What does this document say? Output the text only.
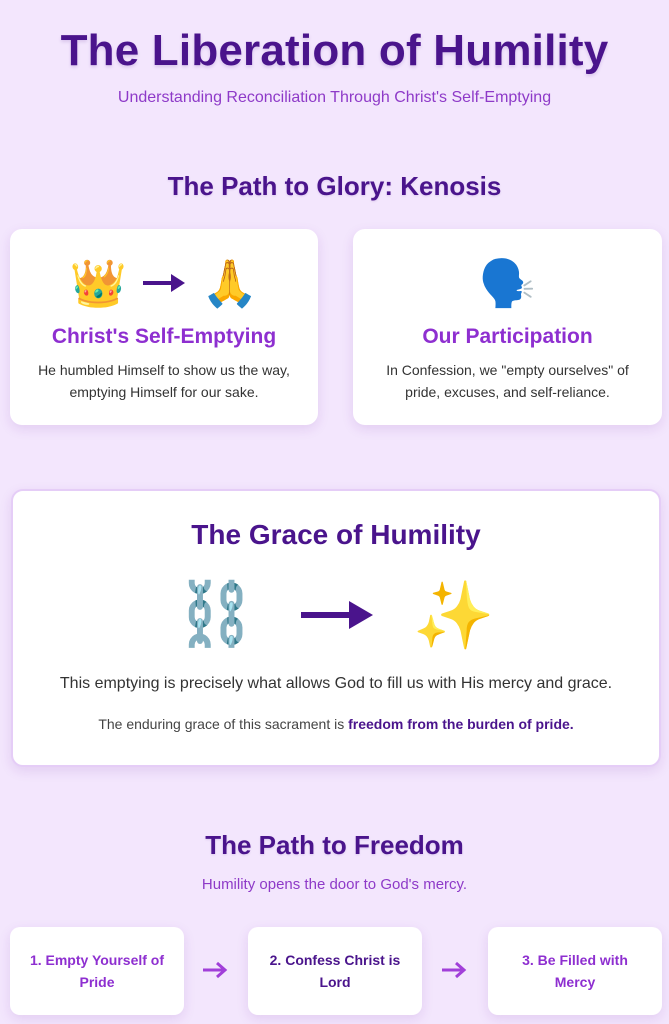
The Liberation of Humility
Understanding Reconciliation Through Christ's Self-Emptying
The Path to Glory: Kenosis
👑 🙏
Christ's Self-Emptying
He humbled Himself to show us the way, emptying Himself for our sake.
🗣️
Our Participation
In Confession, we "empty ourselves" of pride, excuses, and self-reliance.
The Grace of Humility
⛓️ ✨
This emptying is precisely what allows God to fill us with His mercy and grace.
The enduring grace of this sacrament is freedom from the burden of pride.
The Path to Freedom
Humility opens the door to God's mercy.
1. Empty Yourself of Pride
2. Confess Christ is Lord
3. Be Filled with Mercy
